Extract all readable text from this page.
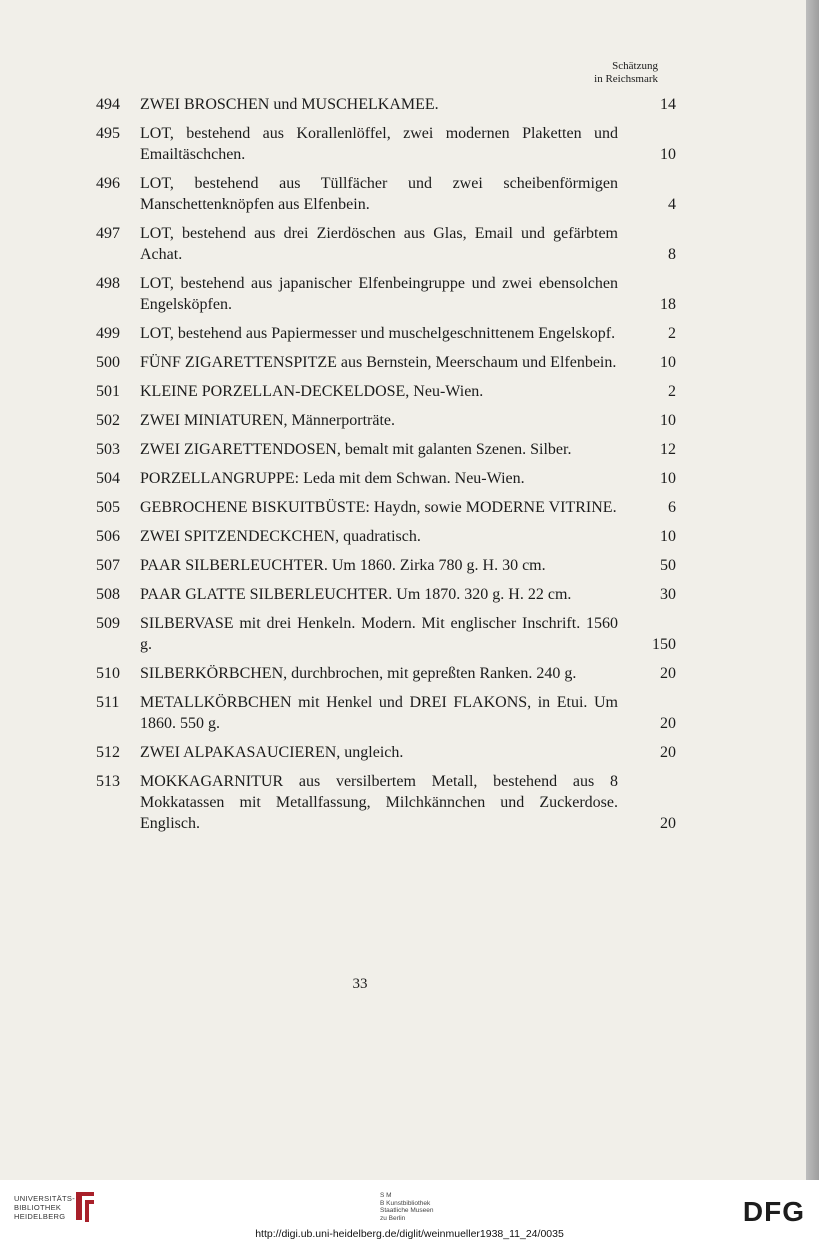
Schätzung
in Reichsmark
494	ZWEI BROSCHEN und MUSCHELKAMEE.	14
495	LOT, bestehend aus Korallenlöffel, zwei modernen Plaketten und Emailtäschchen.	10
496	LOT, bestehend aus Tüllfächer und zwei scheibenförmigen Manschettenknöpfen aus Elfenbein.	4
497	LOT, bestehend aus drei Zierdöschen aus Glas, Email und gefärbtem Achat.	8
498	LOT, bestehend aus japanischer Elfenbeingruppe und zwei ebensolchen Engelsköpfen.	18
499	LOT, bestehend aus Papiermesser und muschelgeschnittenem Engelskopf.	2
500	FÜNF ZIGARETTENSPITZE aus Bernstein, Meerschaum und Elfenbein.	10
501	KLEINE PORZELLAN-DECKELDOSE, Neu-Wien.	2
502	ZWEI MINIATUREN, Männerporträte.	10
503	ZWEI ZIGARETTENDOSEN, bemalt mit galanten Szenen. Silber.	12
504	PORZELLANGRUPPE: Leda mit dem Schwan. Neu-Wien.	10
505	GEBROCHENE BISKUITBÜSTE: Haydn, sowie MODERNE VITRINE.	6
506	ZWEI SPITZENDECKCHEN, quadratisch.	10
507	PAAR SILBERLEUCHTER. Um 1860. Zirka 780 g. H. 30 cm.	50
508	PAAR GLATTE SILBERLEUCHTER. Um 1870. 320 g. H. 22 cm.	30
509	SILBERVASE mit drei Henkeln. Modern. Mit englischer Inschrift. 1560 g.	150
510	SILBERKÖRBCHEN, durchbrochen, mit gepreßten Ranken. 240 g.	20
511	METALLKÖRBCHEN mit Henkel und DREI FLAKONS, in Etui. Um 1860. 550 g.	20
512	ZWEI ALPAKASAUCIEREN, ungleich.	20
513	MOKKAGARNITUR aus versilbertem Metall, bestehend aus 8 Mokkatassen mit Metallfassung, Milchkännchen und Zuckerdose. Englisch.	20
33
UNIVERSITÄTS-
BIBLIOTHEK
HEIDELBERG
S M
B Kunstbibliothek
Staatliche Museen
zu Berlin	DFG
http://digi.ub.uni-heidelberg.de/diglit/weinmueller1938_11_24/0035
